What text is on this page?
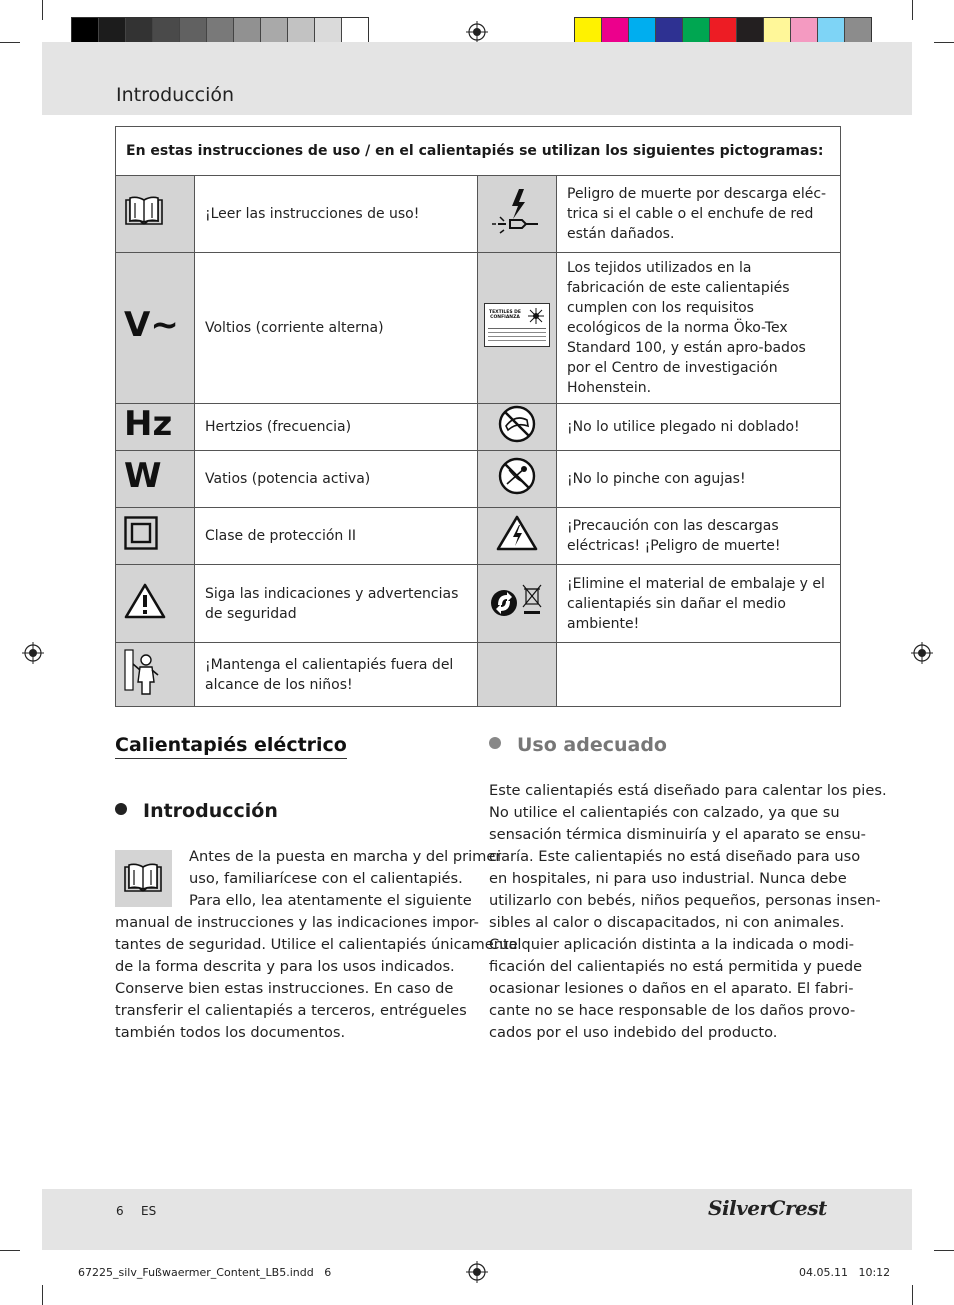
Introducción
En estas instrucciones de uso / en el calientapiés se utilizan los siguientes pictogramas:			
	¡Leer las instrucciones de uso!		Peligro de muerte por descarga eléc-trica si el cable o el enchufe de red están dañados.
V~	Voltios (corriente alterna)	TEXTILES DE CONFIANZA	Los tejidos utilizados en la fabricación de este calientapiés cumplen con los requisitos ecológicos de la norma Öko-Tex Standard 100, y están apro-bados por el Centro de investigación Hohenstein.
Hz	Hertzios (frecuencia)		¡No lo utilice plegado ni doblado!
W	Vatios (potencia activa)		¡No lo pinche con agujas!
	Clase de protección II		¡Precaución con las descargas eléctricas! ¡Peligro de muerte!
	Siga las indicaciones y advertencias de seguridad		¡Elimine el material de embalaje y el calientapiés sin dañar el medio ambiente!
	¡Mantenga el calientapiés fuera del alcance de los niños!		
Calientapiés eléctrico
Introducción
Antes de la puesta en marcha y del primer
uso, familiarícese con el calientapiés.
Para ello, lea atentamente el siguiente
manual de instrucciones y las indicaciones impor-
tantes de seguridad. Utilice el calientapiés únicamente
de la forma descrita y para los usos indicados.
Conserve bien estas instrucciones. En caso de
transferir el calientapiés a terceros, entrégueles
también todos los documentos.
Uso adecuado
Este calientapiés está diseñado para calentar los pies.
No utilice el calientapiés con calzado, ya que su
sensación térmica disminuiría y el aparato se ensu-
ciaría. Este calientapiés no está diseñado para uso
en hospitales, ni para uso industrial. Nunca debe
utilizarlo con bebés, niños pequeños, personas insen-
sibles al calor o discapacitados, ni con animales.
Cualquier aplicación distinta a la indicada o modi-
ficación del calientapiés no está permitida y puede
ocasionar lesiones o daños en el aparato. El fabri-
cante no se hace responsable de los daños provo-
cados por el uso indebido del producto.
6 ES	SilverCrest
67225_silv_Fußwaermer_Content_LB5.indd   6	04.05.11   10:12
